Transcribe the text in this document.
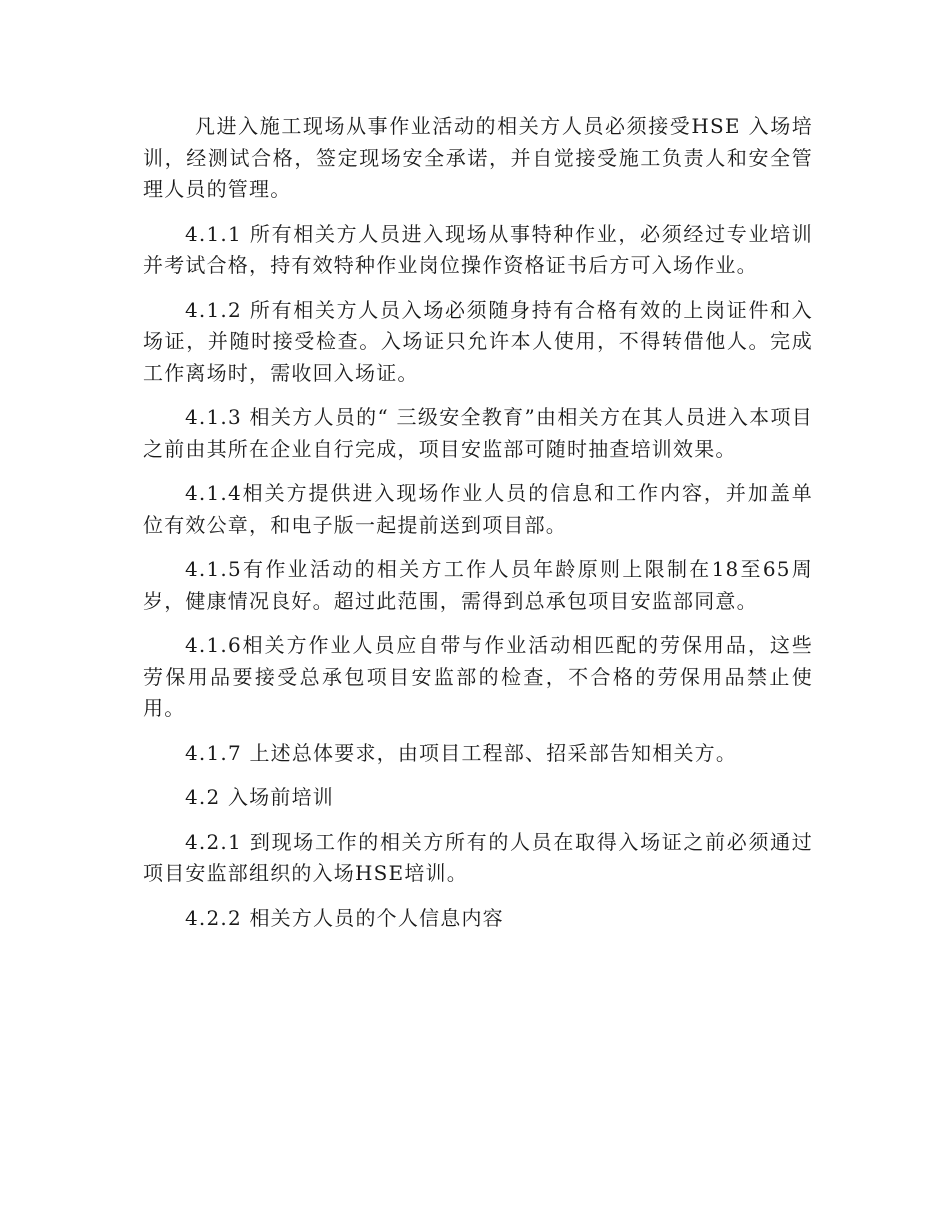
凡进入施工现场从事作业活动的相关方人员必须接受HSE 入场培训，经测试合格，签定现场安全承诺，并自觉接受施工负责人和安全管理人员的管理。

4.1.1 所有相关方人员进入现场从事特种作业，必须经过专业培训并考试合格，持有效特种作业岗位操作资格证书后方可入场作业。

4.1.2 所有相关方人员入场必须随身持有合格有效的上岗证件和入场证，并随时接受检查。入场证只允许本人使用，不得转借他人。完成工作离场时，需收回入场证。

4.1.3 相关方人员的“ 三级安全教育”由相关方在其人员进入本项目之前由其所在企业自行完成，项目安监部可随时抽查培训效果。

4.1.4相关方提供进入现场作业人员的信息和工作内容，并加盖单位有效公章，和电子版一起提前送到项目部。

4.1.5有作业活动的相关方工作人员年龄原则上限制在18至65周岁，健康情况良好。超过此范围，需得到总承包项目安监部同意。

4.1.6相关方作业人员应自带与作业活动相匹配的劳保用品，这些劳保用品要接受总承包项目安监部的检查，不合格的劳保用品禁止使用。

4.1.7 上述总体要求，由项目工程部、招采部告知相关方。

4.2 入场前培训

4.2.1 到现场工作的相关方所有的人员在取得入场证之前必须通过项目安监部组织的入场HSE培训。

4.2.2 相关方人员的个人信息内容
